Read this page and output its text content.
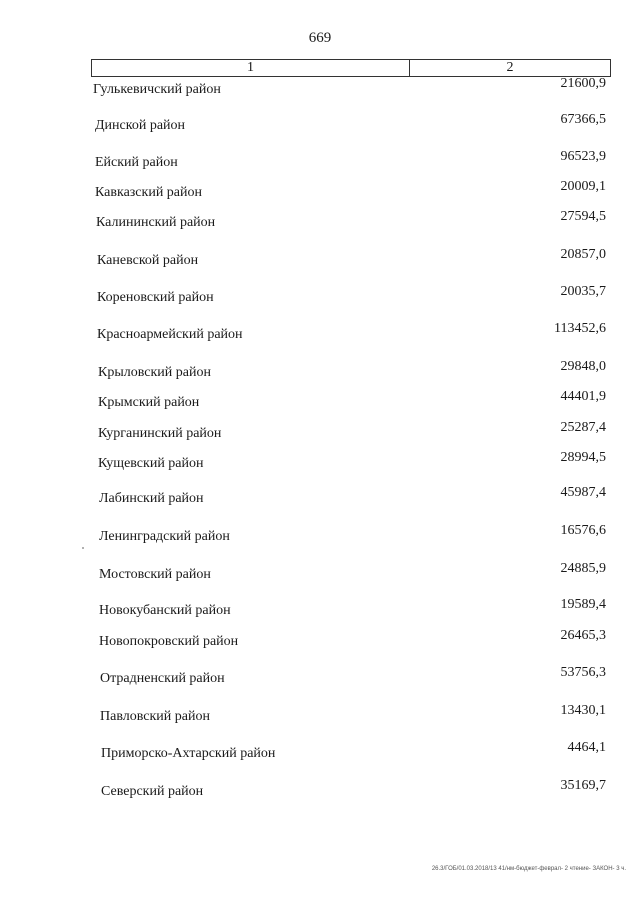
669
1	2
Гулькевичский район	21600,9
Динской район	67366,5
Ейский район	96523,9
Кавказский район	20009,1
Калининский район	27594,5
Каневской район	20857,0
Кореновский район	20035,7
Красноармейский район	113452,6
Крыловский район	29848,0
Крымский район	44401,9
Курганинский район	25287,4
Кущевский район	28994,5
Лабинский район	45987,4
Ленинградский район	16576,6
Мостовский район	24885,9
Новокубанский район	19589,4
Новопокровский район	26465,3
Отрадненский район	53756,3
Павловский район	13430,1
Приморско-Ахтарский район	4464,1
Северский район	35169,7
26.3/ГОБ/01.03.2018/13 41/нм-бюджет-феврал- 2 чтение- ЗАКОН- 3 ч.
